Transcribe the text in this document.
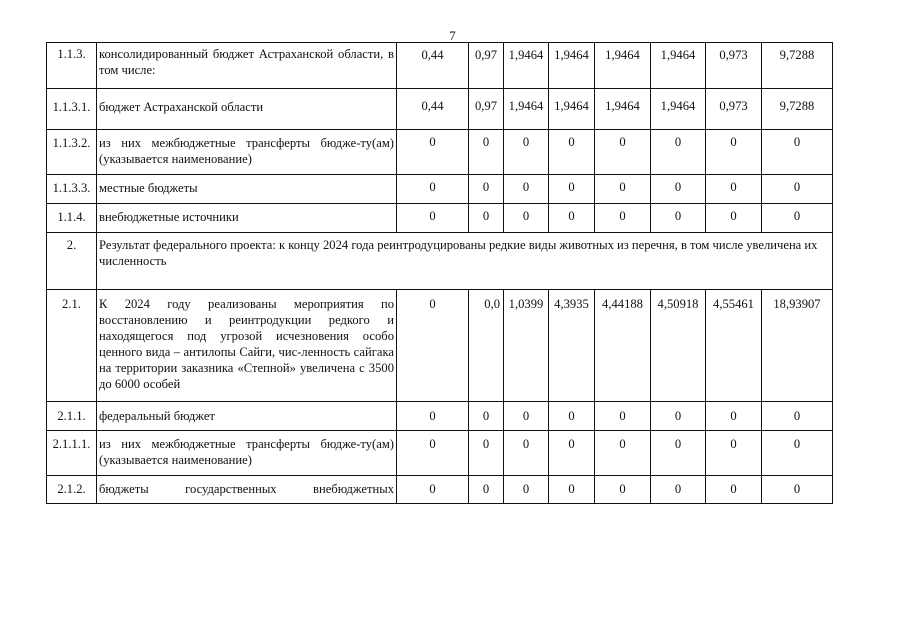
7
1.1.3.	консолидированный бюджет Астраханской области, в том числе:	0,44	0,97	1,9464	1,9464	1,9464	1,9464	0,973	9,7288
1.1.3.1.	бюджет Астраханской области	0,44	0,97	1,9464	1,9464	1,9464	1,9464	0,973	9,7288
1.1.3.2.	из них межбюджетные трансферты бюдже-ту(ам) (указывается наименование)	0	0	0	0	0	0	0	0
1.1.3.3.	местные бюджеты	0	0	0	0	0	0	0	0
1.1.4.	внебюджетные источники	0	0	0	0	0	0	0	0
2.	Результат федерального проекта: к концу 2024 года реинтродуцированы редкие виды животных из перечня, в том числе увеличена их численность								
2.1.	К 2024 году реализованы мероприятия по восстановлению и реинтродукции редкого и находящегося под угрозой исчезновения особо ценного вида – антилопы Сайги, чис-ленность сайгака на территории заказника «Степной» увеличена с 3500 до 6000 особей	0	0,0	1,0399	4,3935	4,44188	4,50918	4,55461	18,93907
2.1.1.	федеральный бюджет	0	0	0	0	0	0	0	0
2.1.1.1.	из них межбюджетные трансферты бюдже-ту(ам) (указывается наименование)	0	0	0	0	0	0	0	0
2.1.2.	бюджеты государственных внебюджетных	0	0	0	0	0	0	0	0
